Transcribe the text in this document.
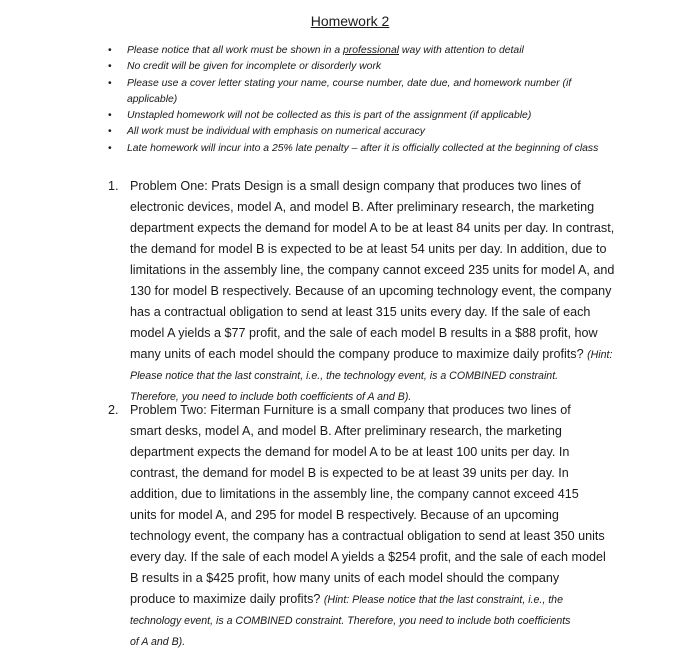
Homework 2
• Please notice that all work must be shown in a professional way with attention to detail
• No credit will be given for incomplete or disorderly work
• Please use a cover letter stating your name, course number, date due, and homework number (if
applicable)
• Unstapled homework will not be collected as this is part of the assignment (if applicable)
• All work must be individual with emphasis on numerical accuracy
• Late homework will incur into a 25% late penalty – after it is officially collected at the beginning of class
1. Problem One: Prats Design is a small design company that produces two lines of
electronic devices, model A, and model B. After preliminary research, the marketing
department expects the demand for model A to be at least 84 units per day. In contrast,
the demand for model B is expected to be at least 54 units per day. In addition, due to
limitations in the assembly line, the company cannot exceed 235 units for model A, and
130 for model B respectively. Because of an upcoming technology event, the company
has a contractual obligation to send at least 315 units every day. If the sale of each
model A yields a $77 profit, and the sale of each model B results in a $88 profit, how
many units of each model should the company produce to maximize daily profits? (Hint:
Please notice that the last constraint, i.e., the technology event, is a COMBINED constraint.
Therefore, you need to include both coefficients of A and B).
2. Problem Two: Fiterman Furniture is a small company that produces two lines of
smart desks, model A, and model B. After preliminary research, the marketing
department expects the demand for model A to be at least 100 units per day. In
contrast, the demand for model B is expected to be at least 39 units per day. In
addition, due to limitations in the assembly line, the company cannot exceed 415
units for model A, and 295 for model B respectively. Because of an upcoming
technology event, the company has a contractual obligation to send at least 350 units
every day. If the sale of each model A yields a $254 profit, and the sale of each model
B results in a $425 profit, how many units of each model should the company
produce to maximize daily profits? (Hint: Please notice that the last constraint, i.e., the
technology event, is a COMBINED constraint. Therefore, you need to include both coefficients
of A and B).
